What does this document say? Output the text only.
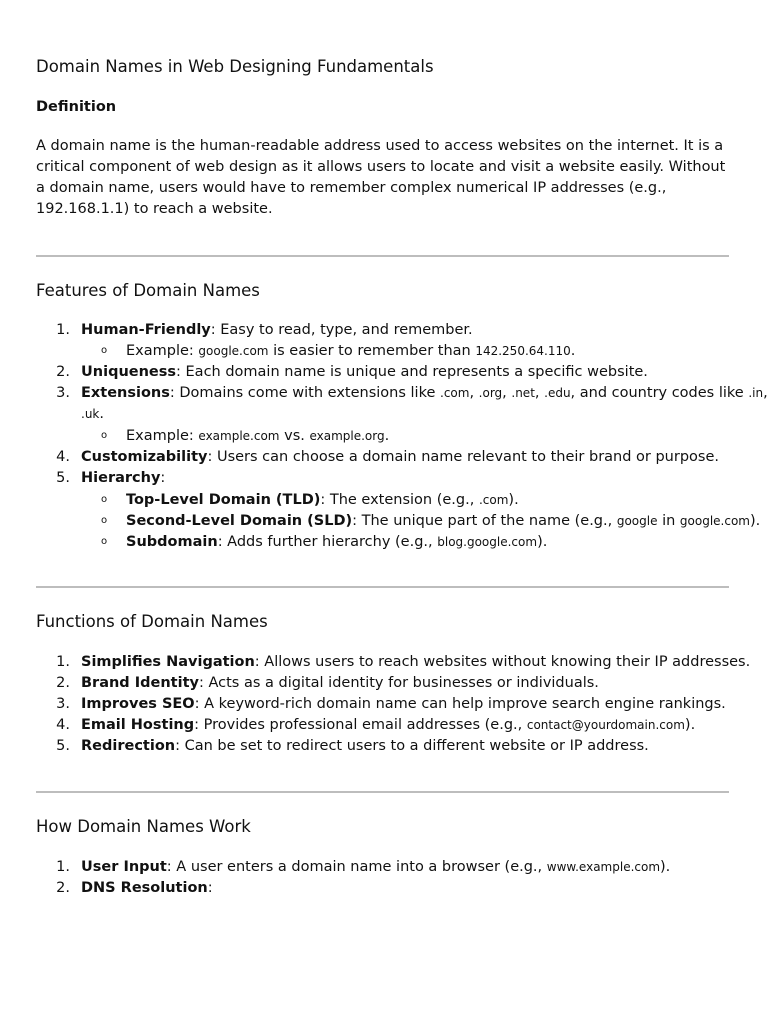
Domain Names in Web Designing Fundamentals
Definition

A domain name is the human-readable address used to access websites on the internet. It is a critical component of web design as it allows users to locate and visit a website easily. Without a domain name, users would have to remember complex numerical IP addresses (e.g., 192.168.1.1) to reach a website.

Features of Domain Names
1. Human-Friendly: Easy to read, type, and remember.
o Example: google.com is easier to remember than 142.250.64.110.
2. Uniqueness: Each domain name is unique and represents a specific website.
3. Extensions: Domains come with extensions like .com, .org, .net, .edu, and country codes like .in,
.uk.
o Example: example.com vs. example.org.
4. Customizability: Users can choose a domain name relevant to their brand or purpose.
5. Hierarchy:
o Top-Level Domain (TLD): The extension (e.g., .com).
o Second-Level Domain (SLD): The unique part of the name (e.g., google in google.com).
o Subdomain: Adds further hierarchy (e.g., blog.google.com).
Functions of Domain Names
1. Simplifies Navigation: Allows users to reach websites without knowing their IP addresses.
2. Brand Identity: Acts as a digital identity for businesses or individuals.
3. Improves SEO: A keyword-rich domain name can help improve search engine rankings.
4. Email Hosting: Provides professional email addresses (e.g., contact@yourdomain.com).
5. Redirection: Can be set to redirect users to a different website or IP address.
How Domain Names Work
1. User Input: A user enters a domain name into a browser (e.g., www.example.com).
2. DNS Resolution:
